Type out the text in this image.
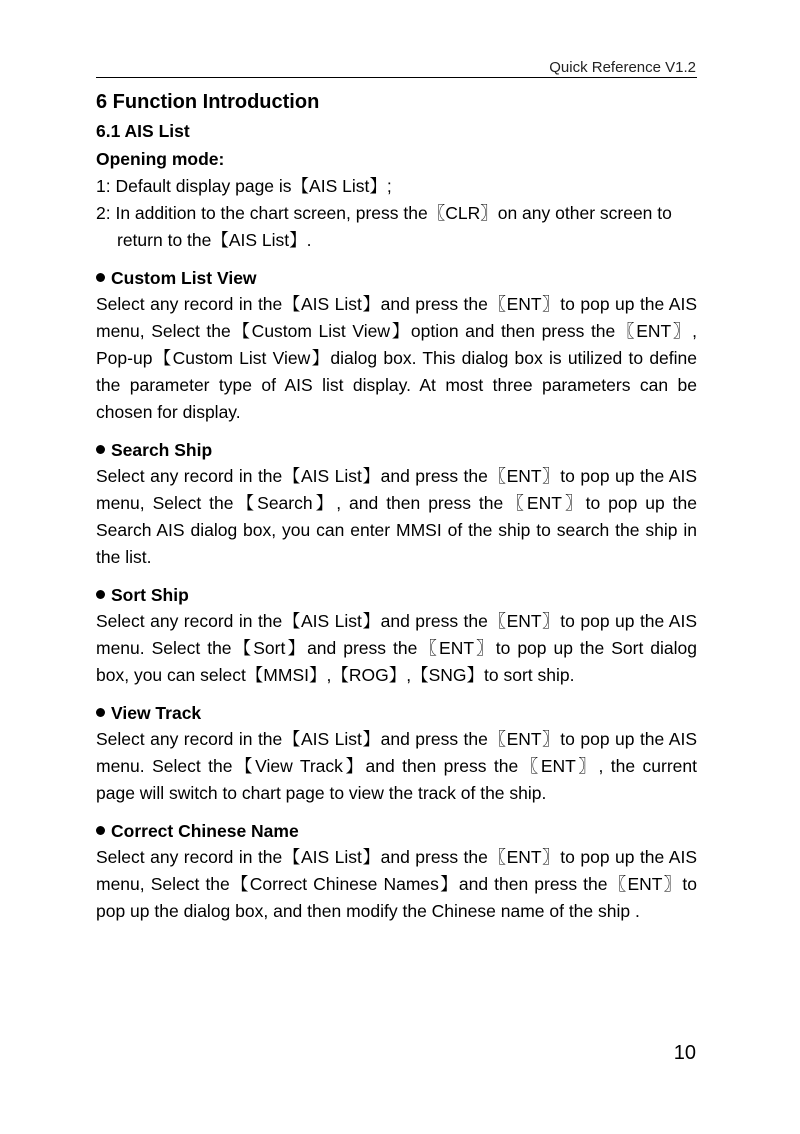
Quick Reference V1.2
6 Function Introduction
6.1 AIS List
Opening mode:

1: Default display page is【AIS List】;

2: In addition to the chart screen, press the〖CLR〗on any other screen to return to the【AIS List】.

Custom List View

Select any record in the【AIS List】and press the〖ENT〗to pop up the AIS menu, Select the【Custom List View】option and then press the〖ENT〗, Pop-up【Custom List View】dialog box. This dialog box is utilized to define the parameter type of AIS list display. At most three parameters can be chosen for display.

Search Ship

Select any record in the【AIS List】and press the〖ENT〗to pop up the AIS menu, Select the【Search】, and then press the〖ENT〗to pop up the Search AIS dialog box, you can enter MMSI of the ship to search the ship in the list.

Sort Ship

Select any record in the【AIS List】and press the〖ENT〗to pop up the AIS menu. Select the【Sort】and press the〖ENT〗to pop up the Sort dialog box, you can select【MMSI】,【ROG】,【SNG】to sort ship.

View Track

Select any record in the【AIS List】and press the〖ENT〗to pop up the AIS menu. Select the【View Track】and then press the〖ENT〗, the current page will switch to chart page to view the track of the ship.

Correct Chinese Name

Select any record in the【AIS List】and press the〖ENT〗to pop up the AIS menu, Select the【Correct Chinese Names】and then press the〖ENT〗to pop up the dialog box, and then modify the Chinese name of the ship .

10
